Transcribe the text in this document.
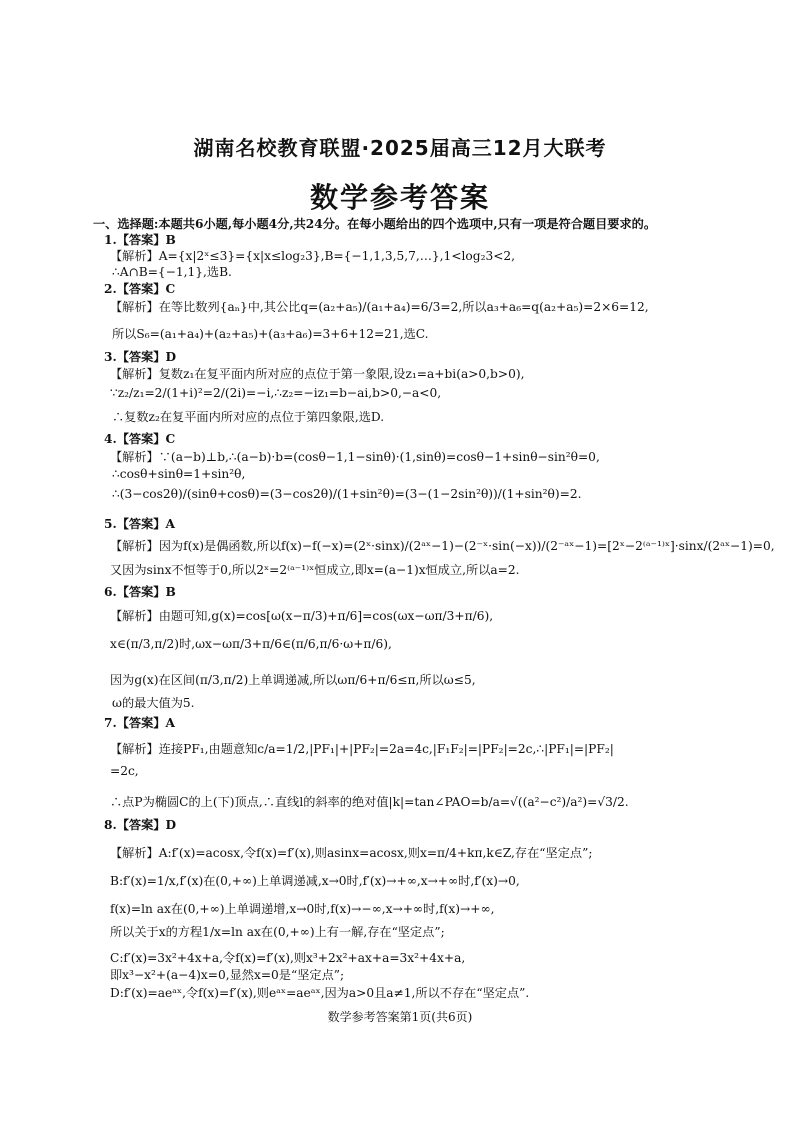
湖南名校教育联盟·2025届高三12月大联考
数学参考答案
一、选择题:本题共6小题,每小题4分,共24分。在每小题给出的四个选项中,只有一项是符合题目要求的。
1.【答案】B
【解析】A={x|2ˣ≤3}={x|x≤log₂3},B={−1,1,3,5,7,…},1<log₂3<2,
∴A∩B={−1,1},选B.
2.【答案】C
【解析】在等比数列{aₙ}中,其公比q=(a₂+a₅)/(a₁+a₄)=6/3=2,所以a₃+a₆=q(a₂+a₅)=2×6=12,
所以S₆=(a₁+a₄)+(a₂+a₅)+(a₃+a₆)=3+6+12=21,选C.
3.【答案】D
【解析】复数z₁在复平面内所对应的点位于第一象限,设z₁=a+bi(a>0,b>0),
∵z₂/z₁=2/(1+i)²=2/(2i)=−i,∴z₂=−iz₁=b−ai,b>0,−a<0,
∴复数z₂在复平面内所对应的点位于第四象限,选D.
4.【答案】C
【解析】∵(a−b)⊥b,∴(a−b)·b=(cosθ−1,1−sinθ)·(1,sinθ)=cosθ−1+sinθ−sin²θ=0,
∴cosθ+sinθ=1+sin²θ,
∴(3−cos2θ)/(sinθ+cosθ)=(3−cos2θ)/(1+sin²θ)=(3−(1−2sin²θ))/(1+sin²θ)=2.
5.【答案】A
【解析】因为f(x)是偶函数,所以f(x)−f(−x)=(2ˣ·sinx)/(2ᵃˣ−1)−(2⁻ˣ·sin(−x))/(2⁻ᵃˣ−1)=[2ˣ−2⁽ᵃ⁻¹⁾ˣ]·sinx/(2ᵃˣ−1)=0,
又因为sinx不恒等于0,所以2ˣ=2⁽ᵃ⁻¹⁾ˣ恒成立,即x=(a−1)x恒成立,所以a=2.
6.【答案】B
【解析】由题可知,g(x)=cos[ω(x−π/3)+π/6]=cos(ωx−ωπ/3+π/6),
x∈(π/3,π/2)时,ωx−ωπ/3+π/6∈(π/6,π/6·ω+π/6),
因为g(x)在区间(π/3,π/2)上单调递减,所以ωπ/6+π/6≤π,所以ω≤5,
ω的最大值为5.
7.【答案】A
【解析】连接PF₁,由题意知c/a=1/2,|PF₁|+|PF₂|=2a=4c,|F₁F₂|=|PF₂|=2c,∴|PF₁|=|PF₂|
=2c,
∴点P为椭圆C的上(下)顶点,∴直线l的斜率的绝对值|k|=tan∠PAO=b/a=√((a²−c²)/a²)=√3/2.
8.【答案】D
【解析】A:f′(x)=acosx,令f(x)=f′(x),则asinx=acosx,则x=π/4+kπ,k∈Z,存在“坚定点”;
B:f′(x)=1/x,f′(x)在(0,+∞)上单调递减,x→0时,f′(x)→+∞,x→+∞时,f′(x)→0,
f(x)=ln ax在(0,+∞)上单调递增,x→0时,f(x)→−∞,x→+∞时,f(x)→+∞,
所以关于x的方程1/x=ln ax在(0,+∞)上有一解,存在“坚定点”;
C:f′(x)=3x²+4x+a,令f(x)=f′(x),则x³+2x²+ax+a=3x²+4x+a,
即x³−x²+(a−4)x=0,显然x=0是“坚定点”;
D:f′(x)=aeᵃˣ,令f(x)=f′(x),则eᵃˣ=aeᵃˣ,因为a>0且a≠1,所以不存在“坚定点”.
数学参考答案第1页(共6页)
